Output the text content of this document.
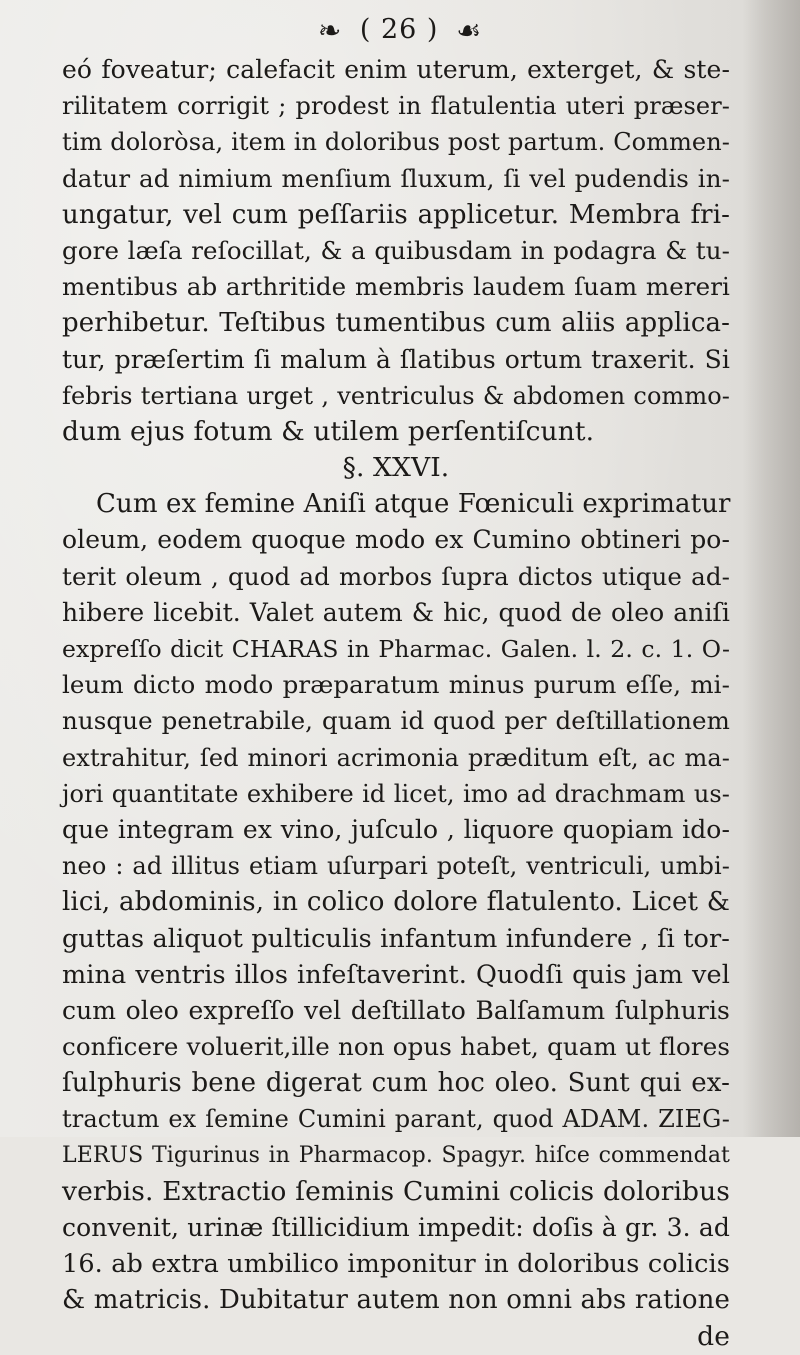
❧ ( 26 ) ☙
eó foveatur; calefacit enim uterum, exterget, & ste-
rilitatem corrigit ; prodest in flatulentia uteri præser-
tim doloròsa, item in doloribus post partum. Commen-
datur ad nimium menſium ſluxum, ſi vel pudendis in-
ungatur, vel cum peſſariis applicetur. Membra fri-
gore læſa reſocillat, & a quibusdam in podagra & tu-
mentibus ab arthritide membris laudem ſuam mereri
perhibetur. Teſtibus tumentibus cum aliis applica-
tur, præſertim ſi malum à ſlatibus ortum traxerit. Si
febris tertiana urget , ventriculus & abdomen commo-
dum ejus fotum & utilem perſentiſcunt.
§. XXVI.
Cum ex femine Aniſi atque Fœniculi exprimatur
oleum, eodem quoque modo ex Cumino obtineri po-
terit oleum , quod ad morbos ſupra dictos utique ad-
hibere licebit. Valet autem & hic, quod de oleo aniſi
expreſſo dicit CHARAS in Pharmac. Galen. l. 2. c. 1. O-
leum dicto modo præparatum minus purum eſſe, mi-
nusque penetrabile, quam id quod per deſtillationem
extrahitur, ſed minori acrimonia præditum eſt, ac ma-
jori quantitate exhibere id licet, imo ad drachmam us-
que integram ex vino, juſculo , liquore quopiam ido-
neo : ad illitus etiam uſurpari poteſt, ventriculi, umbi-
lici, abdominis, in colico dolore flatulento. Licet &
guttas aliquot pulticulis infantum infundere , ſi tor-
mina ventris illos infeſtaverint. Quodſi quis jam vel
cum oleo expreſſo vel deſtillato Balſamum ſulphuris
conficere voluerit,ille non opus habet, quam ut flores
ſulphuris bene digerat cum hoc oleo. Sunt qui ex-
tractum ex ſemine Cumini parant, quod ADAM. ZIEG-
LERUS Tigurinus in Pharmacop. Spagyr. hiſce commendat
verbis. Extractio ſeminis Cumini colicis doloribus
convenit, urinæ ſtillicidium impedit: doſis à gr. 3. ad
16. ab extra umbilico imponitur in doloribus colicis
& matricis. Dubitatur autem non omni abs ratione
de
